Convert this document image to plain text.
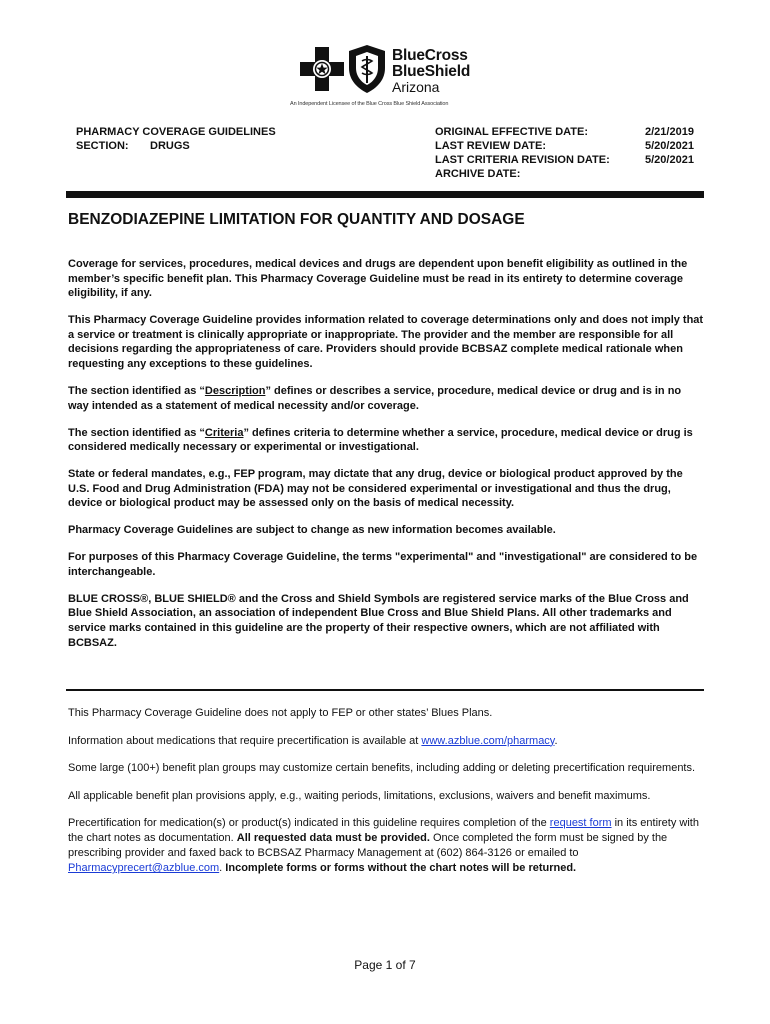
BlueCross
BlueShield
Arizona
An Independent Licensee of the Blue Cross Blue Shield Association
PHARMACY COVERAGE GUIDELINES
SECTION: DRUGS
ORIGINAL EFFECTIVE DATE:	2/21/2019
LAST REVIEW DATE:	5/20/2021
LAST CRITERIA REVISION DATE:	5/20/2021
ARCHIVE DATE:
BENZODIAZEPINE LIMITATION FOR QUANTITY AND DOSAGE

Coverage for services, procedures, medical devices and drugs are dependent upon benefit eligibility as outlined in the member’s specific benefit plan. This Pharmacy Coverage Guideline must be read in its entirety to determine coverage eligibility, if any.

This Pharmacy Coverage Guideline provides information related to coverage determinations only and does not imply that a service or treatment is clinically appropriate or inappropriate. The provider and the member are responsible for all decisions regarding the appropriateness of care. Providers should provide BCBSAZ complete medical rationale when requesting any exceptions to these guidelines.

The section identified as “Description” defines or describes a service, procedure, medical device or drug and is in no way intended as a statement of medical necessity and/or coverage.

The section identified as “Criteria” defines criteria to determine whether a service, procedure, medical device or drug is considered medically necessary or experimental or investigational.

State or federal mandates, e.g., FEP program, may dictate that any drug, device or biological product approved by the U.S. Food and Drug Administration (FDA) may not be considered experimental or investigational and thus the drug, device or biological product may be assessed only on the basis of medical necessity.

Pharmacy Coverage Guidelines are subject to change as new information becomes available.

For purposes of this Pharmacy Coverage Guideline, the terms "experimental" and "investigational" are considered to be interchangeable.

BLUE CROSS®, BLUE SHIELD® and the Cross and Shield Symbols are registered service marks of the Blue Cross and Blue Shield Association, an association of independent Blue Cross and Blue Shield Plans. All other trademarks and service marks contained in this guideline are the property of their respective owners, which are not affiliated with BCBSAZ.

This Pharmacy Coverage Guideline does not apply to FEP or other states’ Blues Plans.

Information about medications that require precertification is available at www.azblue.com/pharmacy.

Some large (100+) benefit plan groups may customize certain benefits, including adding or deleting precertification requirements.

All applicable benefit plan provisions apply, e.g., waiting periods, limitations, exclusions, waivers and benefit maximums.

Precertification for medication(s) or product(s) indicated in this guideline requires completion of the request form in its entirety with the chart notes as documentation. All requested data must be provided. Once completed the form must be signed by the prescribing provider and faxed back to BCBSAZ Pharmacy Management at (602) 864-3126 or emailed to Pharmacyprecert@azblue.com. Incomplete forms or forms without the chart notes will be returned.

Page 1 of 7
